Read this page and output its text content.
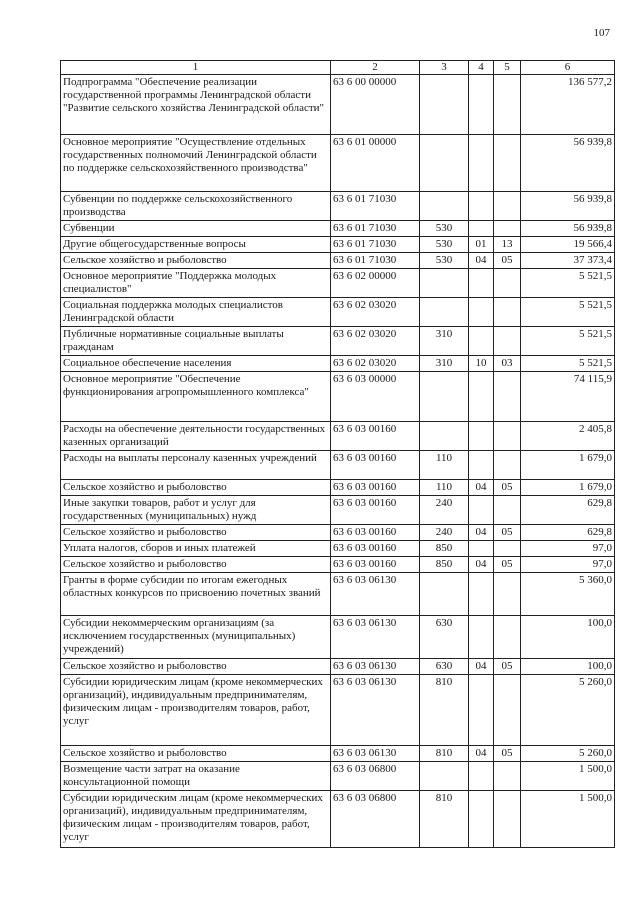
107
1	2	3	4	5	6
Подпрограмма "Обеспечение реализации государственной программы Ленинградской области "Развитие сельского хозяйства Ленинградской области"	63 6 00 00000				136 577,2
Основное мероприятие "Осуществление отдельных государственных полномочий Ленинградской области по поддержке сельскохозяйственного производства"	63 6 01 00000				56 939,8
Субвенции по поддержке сельскохозяйственного производства	63 6 01 71030				56 939,8
Субвенции	63 6 01 71030	530			56 939,8
Другие общегосударственные вопросы	63 6 01 71030	530	01	13	19 566,4
Сельское хозяйство и рыболовство	63 6 01 71030	530	04	05	37 373,4
Основное мероприятие "Поддержка молодых специалистов"	63 6 02 00000				5 521,5
Социальная поддержка молодых специалистов Ленинградской области	63 6 02 03020				5 521,5
Публичные нормативные социальные выплаты гражданам	63 6 02 03020	310			5 521,5
Социальное обеспечение населения	63 6 02 03020	310	10	03	5 521,5
Основное мероприятие "Обеспечение функционирования агропромышленного комплекса"	63 6 03 00000				74 115,9
Расходы на обеспечение деятельности государственных казенных организаций	63 6 03 00160				2 405,8
Расходы на выплаты персоналу казенных учреждений	63 6 03 00160	110			1 679,0
Сельское хозяйство и рыболовство	63 6 03 00160	110	04	05	1 679,0
Иные закупки товаров, работ и услуг для государственных (муниципальных) нужд	63 6 03 00160	240			629,8
Сельское хозяйство и рыболовство	63 6 03 00160	240	04	05	629,8
Уплата налогов, сборов и иных платежей	63 6 03 00160	850			97,0
Сельское хозяйство и рыболовство	63 6 03 00160	850	04	05	97,0
Гранты в форме субсидии по итогам ежегодных областных конкурсов по присвоению почетных званий	63 6 03 06130				5 360,0
Субсидии некоммерческим организациям (за исключением государственных (муниципальных) учреждений)	63 6 03 06130	630			100,0
Сельское хозяйство и рыболовство	63 6 03 06130	630	04	05	100,0
Субсидии юридическим лицам (кроме некоммерческих организаций), индивидуальным предпринимателям, физическим лицам - производителям товаров, работ, услуг	63 6 03 06130	810			5 260,0
Сельское хозяйство и рыболовство	63 6 03 06130	810	04	05	5 260,0
Возмещение части затрат на оказание консультационной помощи	63 6 03 06800				1 500,0
Субсидии юридическим лицам (кроме некоммерческих организаций), индивидуальным предпринимателям, физическим лицам - производителям товаров, работ, услуг	63 6 03 06800	810			1 500,0
